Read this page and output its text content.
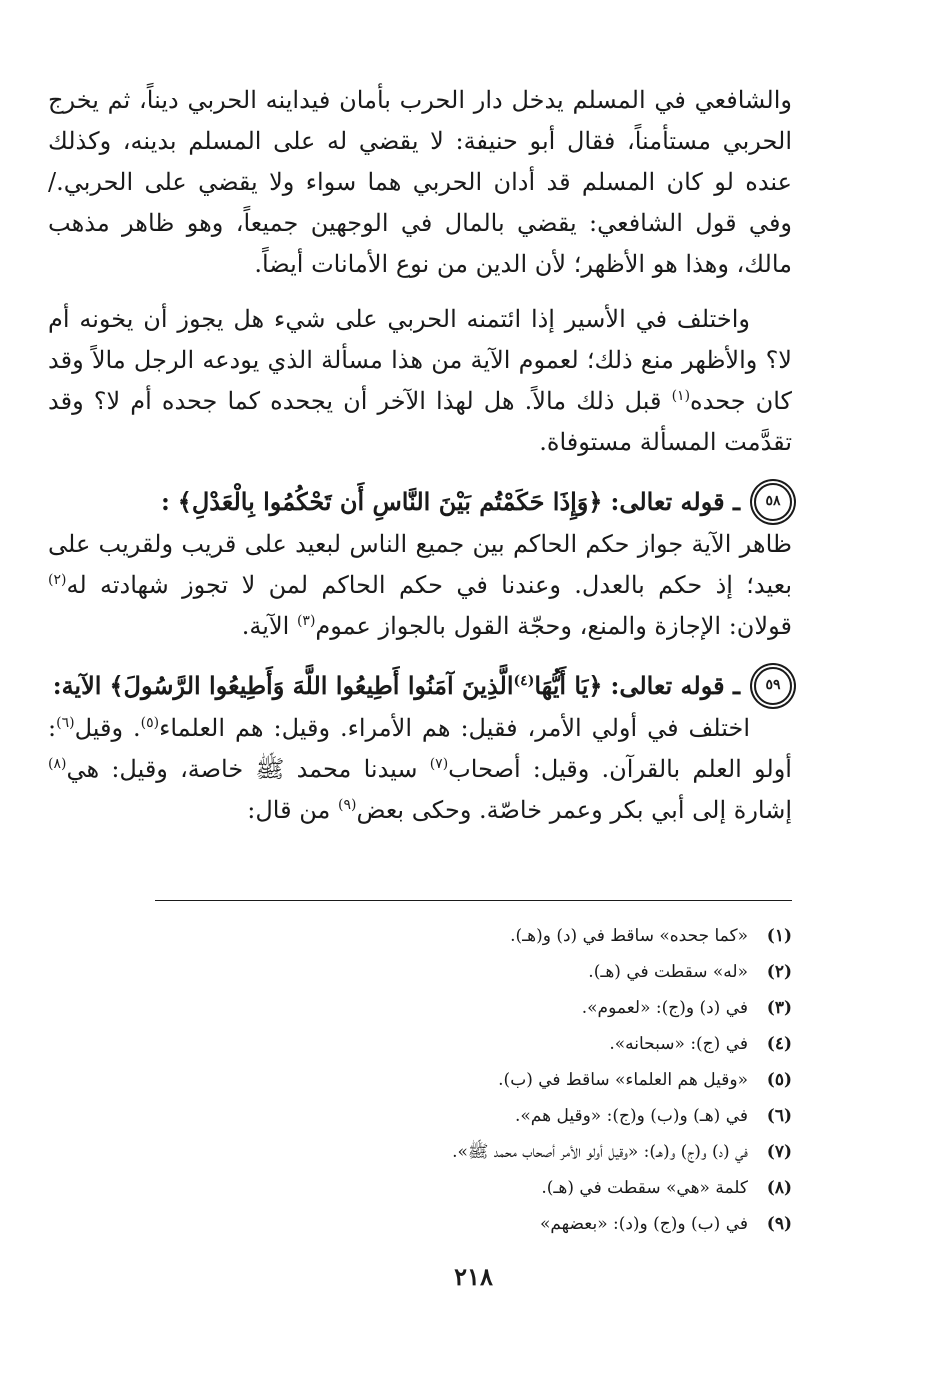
والشافعي في المسلم يدخل دار الحرب بأمان فيداينه الحربي ديناً، ثم يخرج الحربي مستأمناً، فقال أبو حنيفة: لا يقضي له على المسلم بدينه، وكذلك عنده لو كان المسلم قد أدان الحربي هما سواء ولا يقضي على الحربي./ وفي قول الشافعي: يقضي بالمال في الوجهين جميعاً، وهو ظاهر مذهب مالك، وهذا هو الأظهر؛ لأن الدين من نوع الأمانات أيضاً.

واختلف في الأسير إذا ائتمنه الحربي على شيء هل يجوز أن يخونه أم لا؟ والأظهر منع ذلك؛ لعموم الآية من هذا مسألة الذي يودعه الرجل مالاً وقد كان جحده$^{(١)}$ قبل ذلك مالاً. هل لهذا الآخر أن يجحده كما جحده أم لا؟ وقد تقدَّمت المسألة مستوفاة.

٥٨
ـ قوله تعالى:
﴿وَإِذَا حَكَمْتُم بَيْنَ النَّاسِ أَن تَحْكُمُوا بِالْعَدْلِ﴾
:

ظاهر الآية جواز حكم الحاكم بين جميع الناس لبعيد على قريب ولقريب على بعيد؛ إذ حكم بالعدل. وعندنا في حكم الحاكم لمن لا تجوز شهادته له$^{(٢)}$ قولان: الإجازة والمنع، وحجّة القول بالجواز عموم$^{(٣)}$ الآية.

٥٩
ـ قوله تعالى:
﴿يَا أَيُّهَا$^{(٤)}$الَّذِينَ آمَنُوا أَطِيعُوا اللَّهَ وَأَطِيعُوا الرَّسُولَ﴾
الآية:

اختلف في أولي الأمر، فقيل: هم الأمراء. وقيل: هم العلماء$^{(٥)}$. وقيل$^{(٦)}$: أولو العلم بالقرآن. وقيل: أصحاب$^{(٧)}$ سيدنا محمد ﷺ خاصة، وقيل: هي$^{(٨)}$ إشارة إلى أبي بكر وعمر خاصّة. وحكى بعض$^{(٩)}$ من قال:

(١)
«كما جحده» ساقط في (د) و(هـ).
(٢)
«له» سقطت في (هـ).
(٣)
في (د) و(ج): «لعموم».
(٤)
في (ج): «سبحانه».
(٥)
«وقيل هم العلماء» ساقط في (ب).
(٦)
في (هـ) و(ب) و(ج): «وقيل هم».
(٧)
في (د) و(ج) و(هـ): «وقيل أولو الأمر أصحاب محمد ﷺ».
(٨)
كلمة «هي» سقطت في (هـ).
(٩)
في (ب) و(ج) و(د): «بعضهم»
٢١٨
